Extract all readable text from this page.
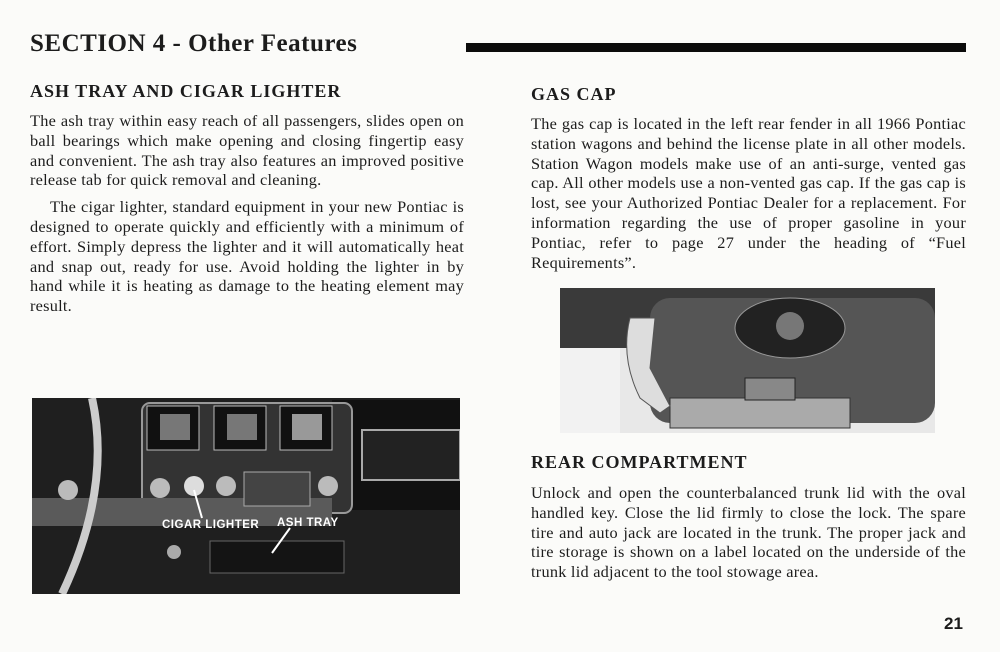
SECTION 4 - Other Features
ASH TRAY AND CIGAR LIGHTER

The ash tray within easy reach of all passengers, slides open on ball bearings which make opening and closing fingertip easy and convenient. The ash tray also features an improved positive release tab for quick removal and cleaning.

The cigar lighter, standard equipment in your new Pontiac is designed to operate quickly and efficiently with a minimum of effort. Simply depress the lighter and it will automatically heat and snap out, ready for use. Avoid holding the lighter in by hand while it is heating as damage to the heating element may result.

CIGAR LIGHTER ASH TRAY
GAS CAP

The gas cap is located in the left rear fender in all 1966 Pontiac station wagons and behind the license plate in all other models. Station Wagon models make use of an anti-surge, vented gas cap. All other models use a non-vented gas cap. If the gas cap is lost, see your Authorized Pontiac Dealer for a replacement. For information regarding the use of proper gasoline in your Pontiac, refer to page 27 under the heading of “Fuel Requirements”.

REAR COMPARTMENT

Unlock and open the counterbalanced trunk lid with the oval handled key. Close the lid firmly to close the lock. The spare tire and auto jack are located in the trunk. The proper jack and tire storage is shown on a label located on the underside of the trunk lid adjacent to the tool stowage area.

21
